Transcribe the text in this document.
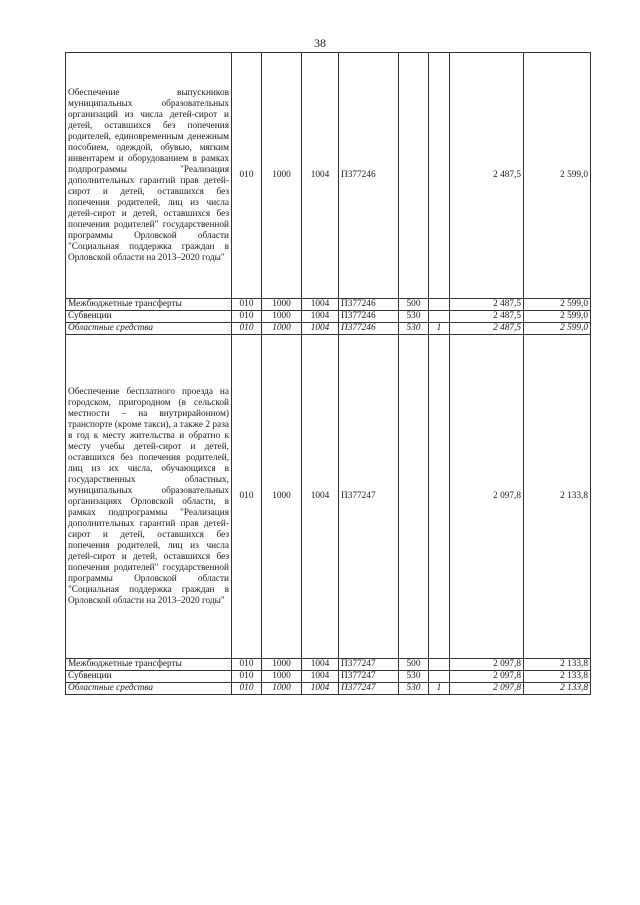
38
Обеспечение выпускников муниципальных образовательных организаций из числа детей-сирот и детей, оставшихся без попечения родителей, единовременным денежным пособием, одеждой, обувью, мягким инвентарем и оборудованием в рамках подпрограммы "Реализация дополнительных гарантий прав детей-сирот и детей, оставшихся без попечения родителей, лиц из числа детей-сирот и детей, оставшихся без попечения родителей" государственной программы Орловской области "Социальная поддержка граждан в Орловской области на 2013–2020 годы"	010	1000	1004	П377246			2 487,5	2 599,0
Межбюджетные трансферты	010	1000	1004	П377246	500		2 487,5	2 599,0
Субвенции	010	1000	1004	П377246	530		2 487,5	2 599,0
Областные средства	010	1000	1004	П377246	530	1	2 487,5	2 599,0
Обеспечение бесплатного проезда на городском, пригородном (в сельской местности – на внутрирайонном) транспорте (кроме такси), а также 2 раза в год к месту жительства и обратно к месту учебы детей-сирот и детей, оставшихся без попечения родителей, лиц из их числа, обучающихся в государственных областных, муниципальных образовательных организациях Орловской области, в рамках подпрограммы "Реализация дополнительных гарантий прав детей-сирот и детей, оставшихся без попечения родителей, лиц из числа детей-сирот и детей, оставшихся без попечения родителей" государственной программы Орловской области "Социальная поддержка граждан в Орловской области на 2013–2020 годы"	010	1000	1004	П377247			2 097,8	2 133,8
Межбюджетные трансферты	010	1000	1004	П377247	500		2 097,8	2 133,8
Субвенции	010	1000	1004	П377247	530		2 097,8	2 133,8
Областные средства	010	1000	1004	П377247	530	1	2 097,8	2 133,8
